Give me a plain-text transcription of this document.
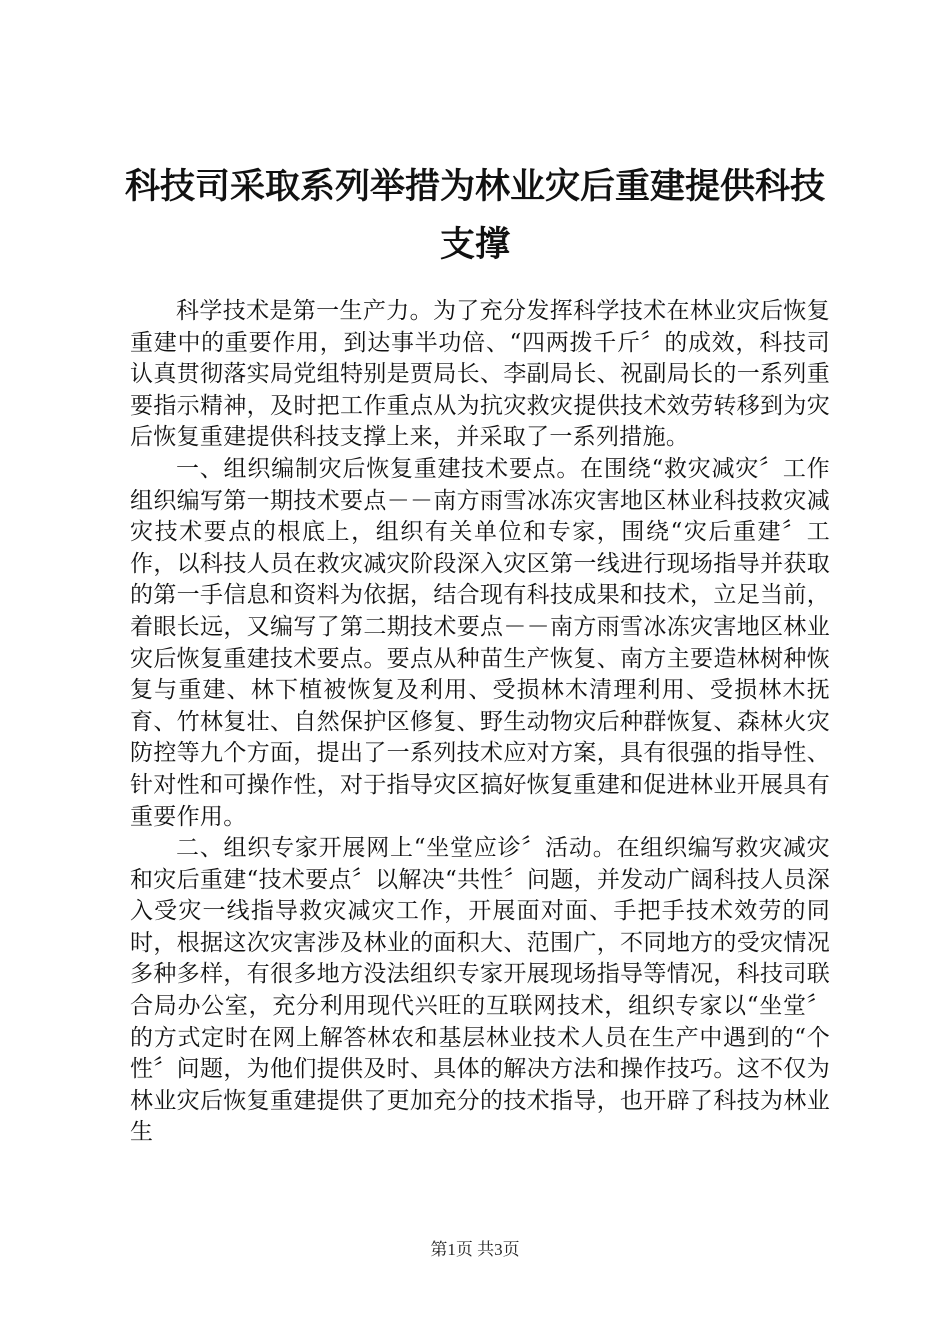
科技司采取系列举措为林业灾后重建提供科技支撑

科学技术是第一生产力。为了充分发挥科学技术在林业灾后恢复重建中的重要作用，到达事半功倍、“四两拨千斤〞的成效，科技司认真贯彻落实局党组特别是贾局长、李副局长、祝副局长的一系列重要指示精神，及时把工作重点从为抗灾救灾提供技术效劳转移到为灾后恢复重建提供科技支撑上来，并采取了一系列措施。

一、组织编制灾后恢复重建技术要点。在围绕“救灾减灾〞工作组织编写第一期技术要点－－南方雨雪冰冻灾害地区林业科技救灾减灾技术要点的根底上，组织有关单位和专家，围绕“灾后重建〞工作，以科技人员在救灾减灾阶段深入灾区第一线进行现场指导并获取的第一手信息和资料为依据，结合现有科技成果和技术，立足当前，着眼长远，又编写了第二期技术要点－－南方雨雪冰冻灾害地区林业灾后恢复重建技术要点。要点从种苗生产恢复、南方主要造林树种恢复与重建、林下植被恢复及利用、受损林木清理利用、受损林木抚育、竹林复壮、自然保护区修复、野生动物灾后种群恢复、森林火灾防控等九个方面，提出了一系列技术应对方案，具有很强的指导性、针对性和可操作性，对于指导灾区搞好恢复重建和促进林业开展具有重要作用。

二、组织专家开展网上“坐堂应诊〞活动。在组织编写救灾减灾和灾后重建“技术要点〞以解决“共性〞问题，并发动广阔科技人员深入受灾一线指导救灾减灾工作，开展面对面、手把手技术效劳的同时，根据这次灾害涉及林业的面积大、范围广，不同地方的受灾情况多种多样，有很多地方没法组织专家开展现场指导等情况，科技司联合局办公室，充分利用现代兴旺的互联网技术，组织专家以“坐堂〞的方式定时在网上解答林农和基层林业技术人员在生产中遇到的“个性〞问题，为他们提供及时、具体的解决方法和操作技巧。这不仅为林业灾后恢复重建提供了更加充分的技术指导，也开辟了科技为林业生

第1页 共3页
